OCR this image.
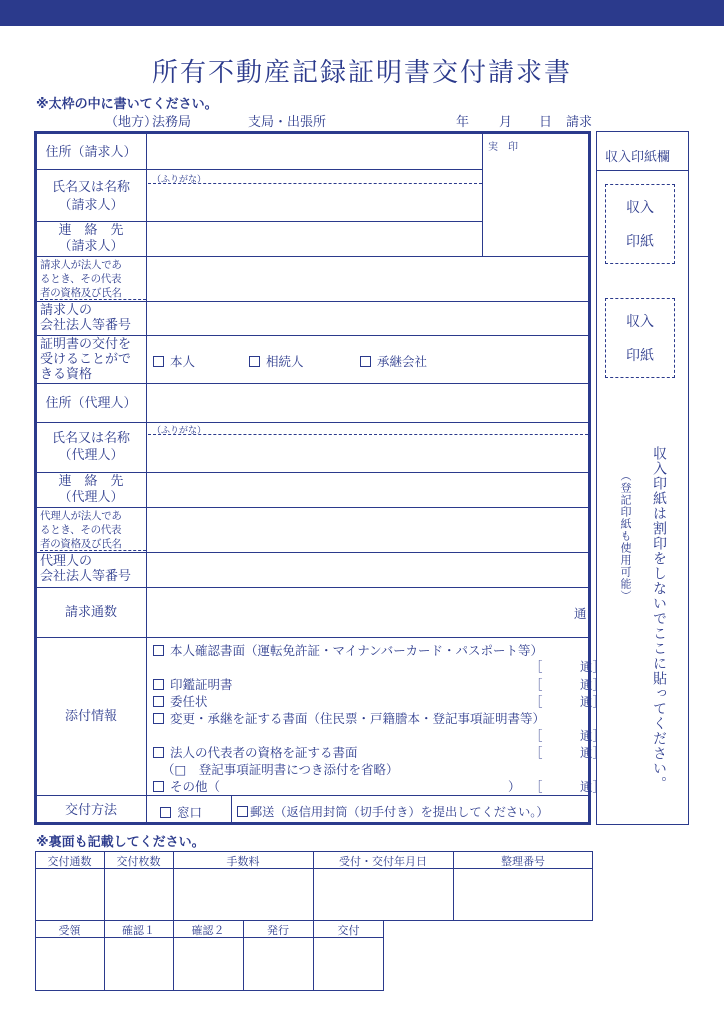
所有不動産記録証明書交付請求書
※太枠の中に書いてください。
（地方）
法務局	支局・出張所	年 月 日 請求
住所（請求人）	実　印
氏名又は名称
（請求人）
（ふりがな）
連　絡　先
（請求人）
請求人が法人であ
るとき、その代表
者の資格及び氏名
請求人の
会社法人等番号
証明書の交付を
受けることがで
きる資格
本人	相続人	承継会社
住所（代理人）
氏名又は名称
（代理人）
（ふりがな）
連　絡　先
（代理人）
代理人が法人であ
るとき、その代表
者の資格及び氏名
代理人の
会社法人等番号
請求通数	通
添付情報
本人確認書面（運転免許証・マイナンバーカード・パスポート等）
［　　　通］
印鑑証明書	［　　　通］
委任状	［　　　通］
変更・承継を証する書面（住民票・戸籍謄本・登記事項証明書等）
［　　　通］
法人の代表者の資格を証する書面	［　　　通］
（□　登記事項証明書につき添付を省略）
その他（	） ［　　　通］
交付方法	窓口	郵送（返信用封筒（切手付き）を提出してください。）
収入印紙欄
収入
印紙
収入
印紙
収入印紙は割印をしないでここに貼ってください。
（登記印紙も使用可能）
※裏面も記載してください。
交付通数	交付枚数	手数料	受付・交付年月日	整理番号
受領	確認１	確認２	発行	交付
